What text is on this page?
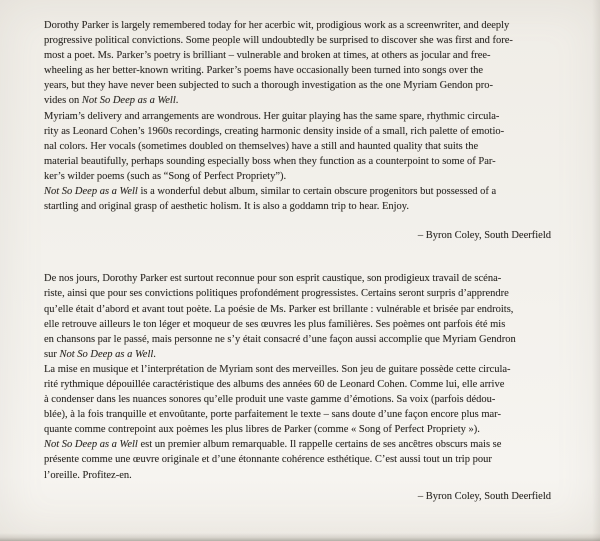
Dorothy Parker is largely remembered today for her acerbic wit, prodigious work as a screenwriter, and deeply
progressive political convictions. Some people will undoubtedly be surprised to discover she was first and fore-
most a poet. Ms. Parker’s poetry is brilliant – vulnerable and broken at times, at others as jocular and free-
wheeling as her better-known writing. Parker’s poems have occasionally been turned into songs over the
years, but they have never been subjected to such a thorough investigation as the one Myriam Gendon pro-
vides on Not So Deep as a Well.

Myriam’s delivery and arrangements are wondrous. Her guitar playing has the same spare, rhythmic circula-
rity as Leonard Cohen’s 1960s recordings, creating harmonic density inside of a small, rich palette of emotio-
nal colors. Her vocals (sometimes doubled on themselves) have a still and haunted quality that suits the
material beautifully, perhaps sounding especially boss when they function as a counterpoint to some of Par-
ker’s wilder poems (such as “Song of Perfect Propriety”).

Not So Deep as a Well is a wonderful debut album, similar to certain obscure progenitors but possessed of a
startling and original grasp of aesthetic holism. It is also a goddamn trip to hear. Enjoy.

– Byron Coley, South Deerfield

De nos jours, Dorothy Parker est surtout reconnue pour son esprit caustique, son prodigieux travail de scéna-
riste, ainsi que pour ses convictions politiques profondément progressistes. Certains seront surpris d’apprendre
qu’elle était d’abord et avant tout poète. La poésie de Ms. Parker est brillante : vulnérable et brisée par endroits,
elle retrouve ailleurs le ton léger et moqueur de ses œuvres les plus familières. Ses poèmes ont parfois été mis
en chansons par le passé, mais personne ne s’y était consacré d’une façon aussi accomplie que Myriam Gendron
sur Not So Deep as a Well.

La mise en musique et l’interprétation de Myriam sont des merveilles. Son jeu de guitare possède cette circula-
rité rythmique dépouillée caractéristique des albums des années 60 de Leonard Cohen. Comme lui, elle arrive
à condenser dans les nuances sonores qu’elle produit une vaste gamme d’émotions. Sa voix (parfois dédou-
blée), à la fois tranquille et envoûtante, porte parfaitement le texte – sans doute d’une façon encore plus mar-
quante comme contrepoint aux poèmes les plus libres de Parker (comme « Song of Perfect Propriety »).

Not So Deep as a Well est un premier album remarquable. Il rappelle certains de ses ancêtres obscurs mais se
présente comme une œuvre originale et d’une étonnante cohérence esthétique. C’est aussi tout un trip pour
l’oreille. Profitez-en.

– Byron Coley, South Deerfield
